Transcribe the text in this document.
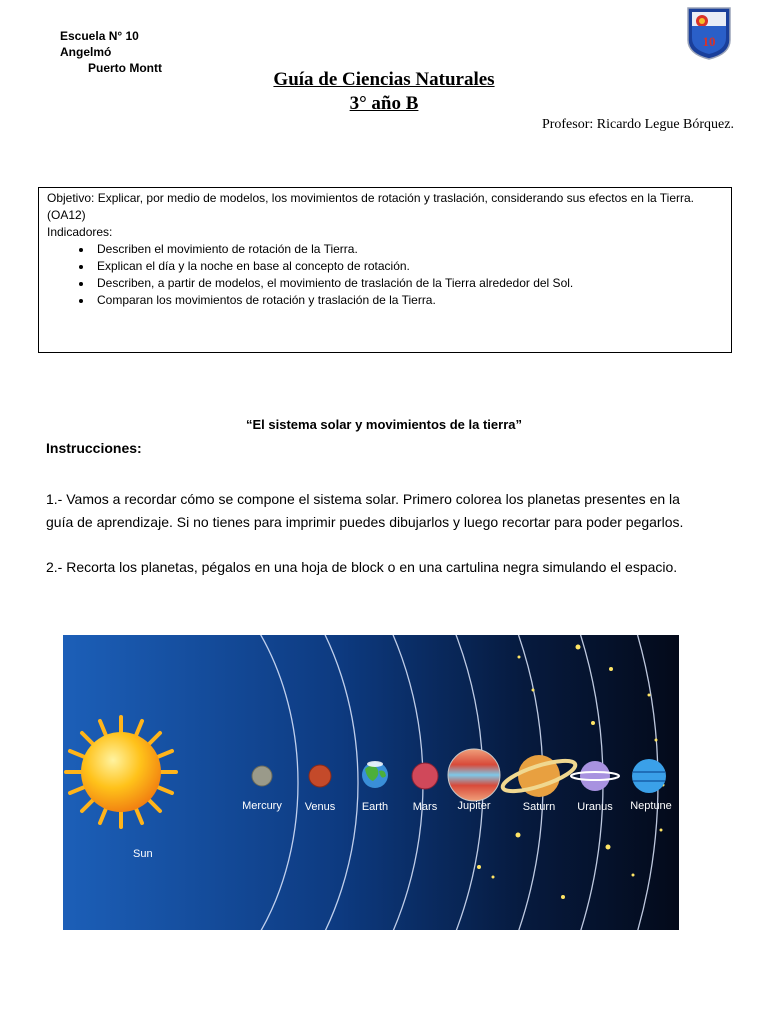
Escuela N° 10 Angelmó
Puerto Montt
10
Guía de Ciencias Naturales
3° año B
Profesor: Ricardo Legue Bórquez.
Objetivo: Explicar, por medio de modelos, los movimientos de rotación y traslación, considerando sus efectos en la Tierra. (OA12)
Indicadores:
• Describen el movimiento de rotación de la Tierra.
• Explican el día y la noche en base al concepto de rotación.
• Describen, a partir de modelos, el movimiento de traslación de la Tierra alrededor del Sol.
• Comparan los movimientos de rotación y traslación de la Tierra.
“El sistema solar y movimientos de la tierra”
Instrucciones:
1.- Vamos a recordar cómo se compone el sistema solar. Primero colorea los planetas presentes en la guía de aprendizaje. Si no tienes para imprimir puedes dibujarlos y luego recortar para poder pegarlos.
2.- Recorta los planetas, pégalos en una hoja de block o en una cartulina negra simulando el espacio.
Sun
Mercury Venus Earth Mars Jupiter	Saturn Uranus Neptune
